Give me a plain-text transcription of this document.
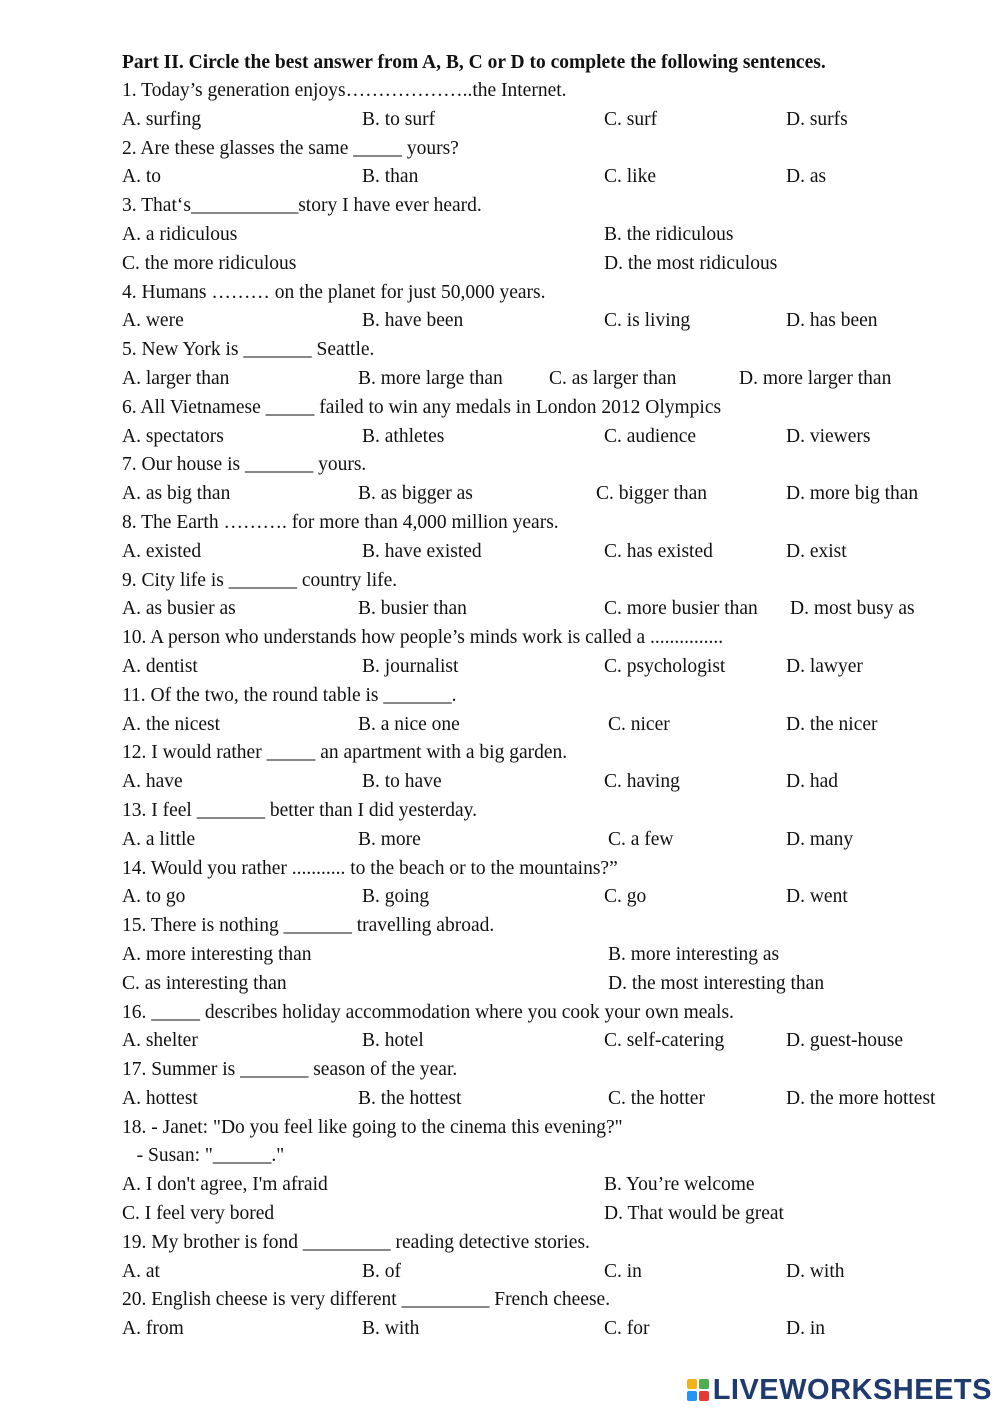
Part II. Circle the best answer from A, B, C or D to complete the following sentences.
1. Today’s generation enjoys………………..the Internet.
A. surfing	B. to surf	C. surf	D. surfs
2. Are these glasses the same _____ yours?
A. to	B. than	C. like	D. as
3. That‘s___________story I have ever heard.
A. a ridiculous	B. the ridiculous
C. the more ridiculous	D. the most ridiculous
4. Humans ……… on the planet for just 50,000 years.
A. were	B. have been	C. is living	D. has been
5. New York is _______ Seattle.
A. larger than	B. more large than C. as larger than	D. more larger than
6. All Vietnamese _____ failed to win any medals in London 2012 Olympics
A. spectators	B. athletes	C. audience	D. viewers
7. Our house is _______ yours.
A. as big than	B. as bigger as	C. bigger than	D. more big than
8. The Earth ………. for more than 4,000 million years.
A. existed	B. have existed	C. has existed	D. exist
9. City life is _______ country life.
A. as busier as	B. busier than	C. more busier than D. most busy as
10. A person who understands how people’s minds work is called a ...............
A. dentist	B. journalist	C. psychologist	D. lawyer
11. Of the two, the round table is _______.
A. the nicest	B. a nice one	C. nicer	D. the nicer
12. I would rather _____ an apartment with a big garden.
A. have	B. to have	C. having	D. had
13. I feel _______ better than I did yesterday.
A. a little	B. more	C. a few	D. many
14. Would you rather ........... to the beach or to the mountains?”
A. to go	B. going	C. go	D. went
15. There is nothing _______ travelling abroad.
A. more interesting than	B. more interesting as
C. as interesting than	D. the most interesting than
16. _____ describes holiday accommodation where you cook your own meals.
A. shelter	B. hotel	C. self-catering	D. guest-house
17. Summer is _______ season of the year.
A. hottest	B. the hottest	C. the hotter	D. the more hottest
18. - Janet: "Do you feel like going to the cinema this evening?"
- Susan: "______."
A. I don't agree, I'm afraid	B. You’re welcome
C. I feel very bored	D. That would be great
19. My brother is fond _________ reading detective stories.
A. at	B. of	C. in	D. with
20. English cheese is very different _________ French cheese.
A. from	B. with	C. for	D. in
LIVEWORKSHEETS
